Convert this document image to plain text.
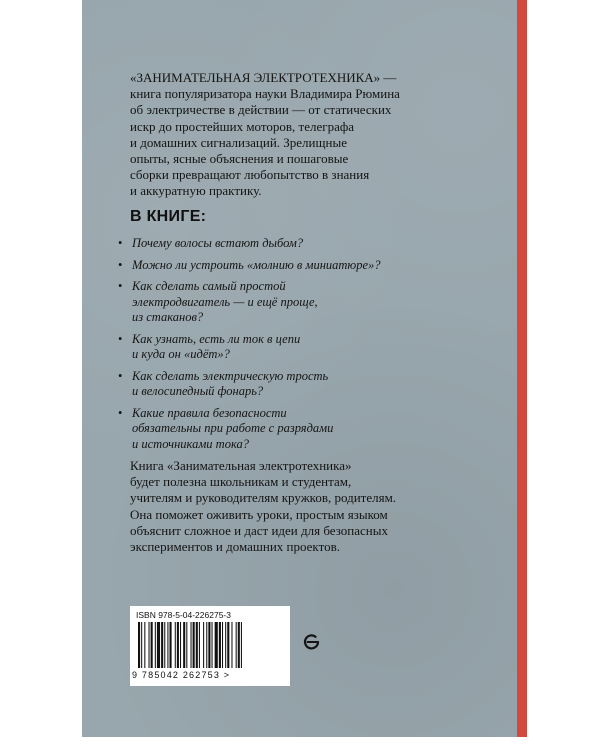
«ЗАНИМАТЕЛЬНАЯ ЭЛЕКТРОТЕХНИКА» —

книга популяризатора науки Владимира Рюмина

об электричестве в действии — от статических

искр до простейших моторов, телеграфа

и домашних сигнализаций. Зрелищные

опыты, ясные объяснения и пошаговые

сборки превращают любопытство в знания

и аккуратную практику.

В КНИГЕ:
• Почему волосы встают дыбом?
• Можно ли устроить «молнию в миниатюре»?
• Как сделать самый простой
электродвигатель — и ещё проще,
из стаканов?
• Как узнать, есть ли ток в цепи
и куда он «идёт»?
• Как сделать электрическую трость
и велосипедный фонарь?
• Какие правила безопасности
обязательны при работе с разрядами
и источниками тока?

Книга «Занимательная электротехника»

будет полезна школьникам и студентам,

учителям и руководителям кружков, родителям.

Она поможет оживить уроки, простым языком

объяснит сложное и даст идеи для безопасных

экспериментов и домашних проектов.

ISBN 978-5-04-226275-3
9 785042 262753 >
